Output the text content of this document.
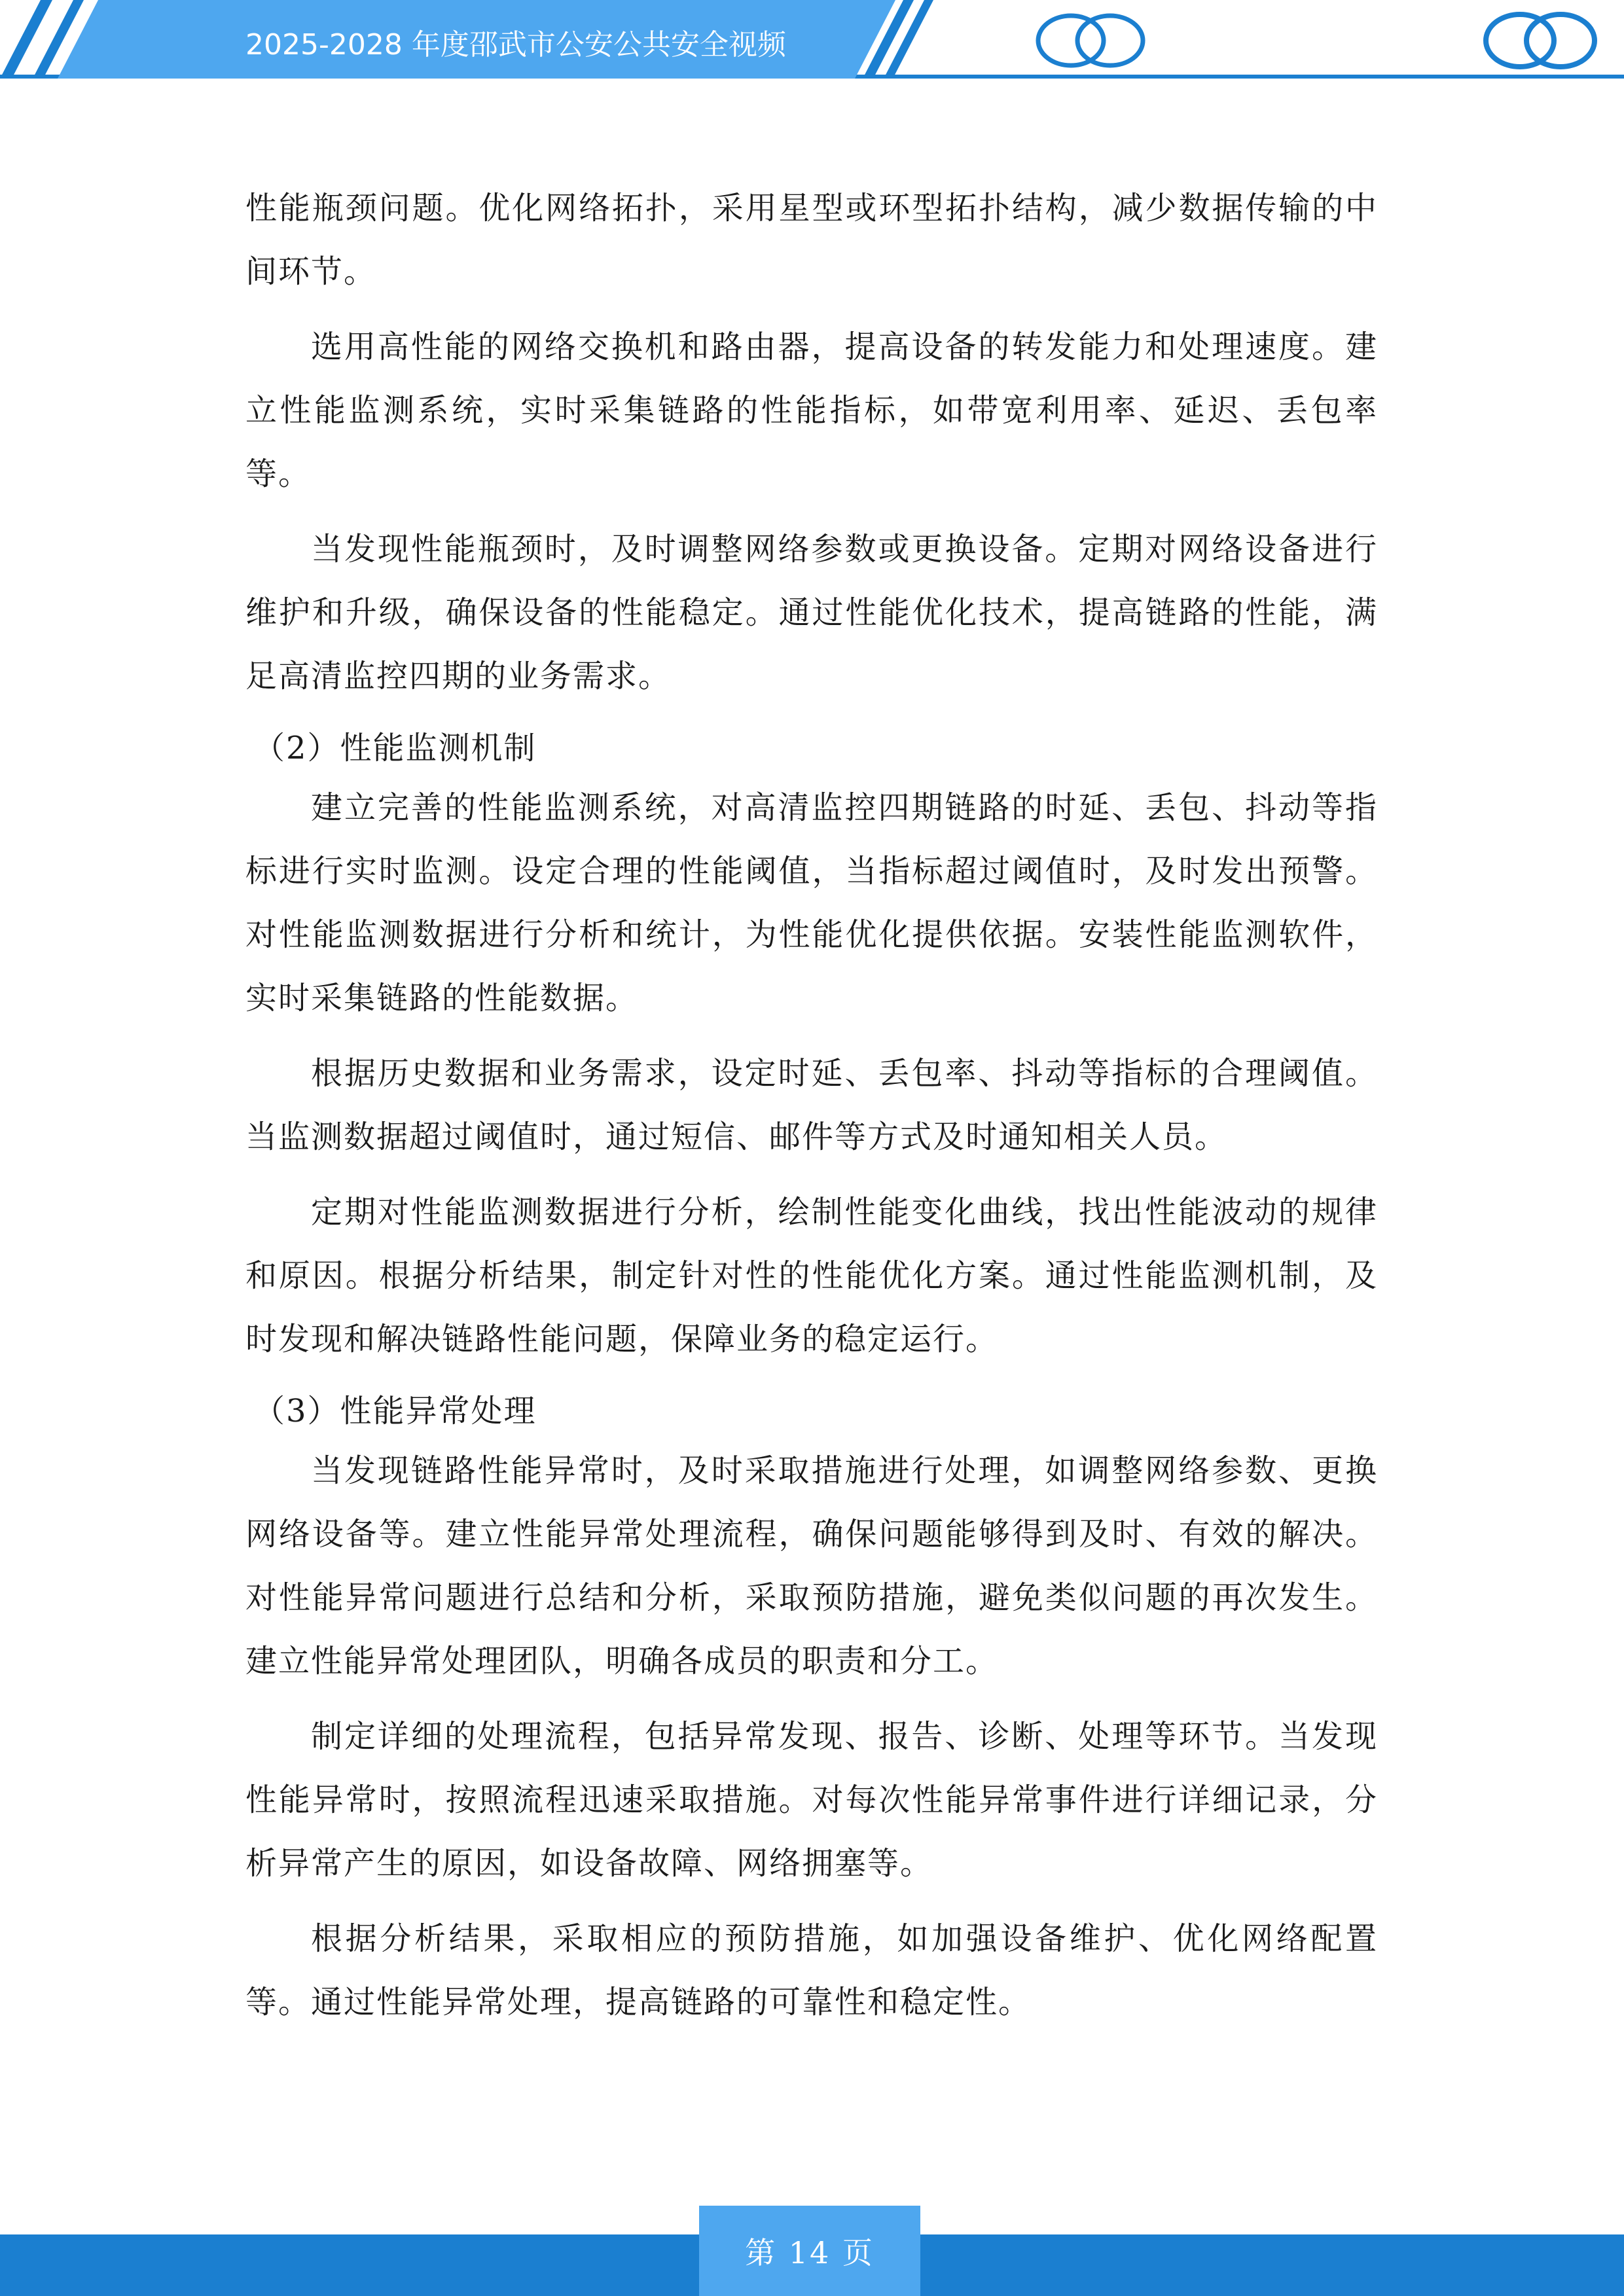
2025-2028 年度邵武市公安公共安全视频

性能瓶颈问题。优化网络拓扑，采用星型或环型拓扑结构，减少数据传输的中间环节。

选用高性能的网络交换机和路由器，提高设备的转发能力和处理速度。建立性能监测系统，实时采集链路的性能指标，如带宽利用率、延迟、丢包率等。

当发现性能瓶颈时，及时调整网络参数或更换设备。定期对网络设备进行维护和升级，确保设备的性能稳定。通过性能优化技术，提高链路的性能，满足高清监控四期的业务需求。

（2）性能监测机制

建立完善的性能监测系统，对高清监控四期链路的时延、丢包、抖动等指标进行实时监测。设定合理的性能阈值，当指标超过阈值时，及时发出预警。对性能监测数据进行分析和统计，为性能优化提供依据。安装性能监测软件，实时采集链路的性能数据。

根据历史数据和业务需求，设定时延、丢包率、抖动等指标的合理阈值。当监测数据超过阈值时，通过短信、邮件等方式及时通知相关人员。

定期对性能监测数据进行分析，绘制性能变化曲线，找出性能波动的规律和原因。根据分析结果，制定针对性的性能优化方案。通过性能监测机制，及时发现和解决链路性能问题，保障业务的稳定运行。

（3）性能异常处理

当发现链路性能异常时，及时采取措施进行处理，如调整网络参数、更换网络设备等。建立性能异常处理流程，确保问题能够得到及时、有效的解决。对性能异常问题进行总结和分析，采取预防措施，避免类似问题的再次发生。建立性能异常处理团队，明确各成员的职责和分工。

制定详细的处理流程，包括异常发现、报告、诊断、处理等环节。当发现性能异常时，按照流程迅速采取措施。对每次性能异常事件进行详细记录，分析异常产生的原因，如设备故障、网络拥塞等。

根据分析结果，采取相应的预防措施，如加强设备维护、优化网络配置等。通过性能异常处理，提高链路的可靠性和稳定性。

第 14 页
